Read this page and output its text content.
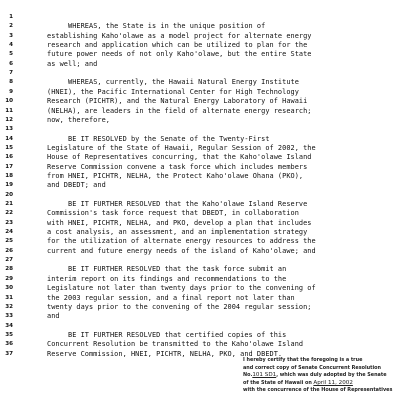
1
2	WHEREAS, the State is in the unique position of
3	establishing Kaho'olawe as a model project for alternate energy
4	research and application which can be utilized to plan for the
5	future power needs of not only Kaho'olawe, but the entire State
6	as well; and
7
8	WHEREAS, currently, the Hawaii Natural Energy Institute
9	(HNEI), the Pacific International Center for High Technology
10	Research (PICHTR), and the Natural Energy Laboratory of Hawaii
11	(NELHA), are leaders in the field of alternate energy research;
12	now, therefore,
13
14	BE IT RESOLVED by the Senate of the Twenty-First
15	Legislature of the State of Hawaii, Regular Session of 2002, the
16	House of Representatives concurring, that the Kaho'olawe Island
17	Reserve Commission convene a task force which includes members
18	from HNEI, PICHTR, NELHA, the Protect Kaho'olawe Ohana (PKO),
19	and DBEDT; and
20
21	BE IT FURTHER RESOLVED that the Kaho'olawe Island Reserve
22	Commission's task force request that DBEDT, in collaboration
23	with HNEI, PICHTR, NELHA, and PKO, develop a plan that includes
24	a cost analysis, an assessment, and an implementation strategy
25	for the utilization of alternate energy resources to address the
26	current and future energy needs of the island of Kaho'olawe; and
27
28	BE IT FURTHER RESOLVED that the task force submit an
29	interim report on its findings and recommendations to the
30	Legislature not later than twenty days prior to the convening of
31	the 2003 regular session, and a final report not later than
32	twenty days prior to the convening of the 2004 regular session;
33	and
34
35	BE IT FURTHER RESOLVED that certified copies of this
36	Concurrent Resolution be transmitted to the Kaho'olawe Island
37	Reserve Commission, HNEI, PICHTR, NELHA, PKO, and DBEDT.
I hereby certify that the foregoing is a true
and correct copy of Senate Concurrent Resolution
No.101 SD1, which was duly adopted by the Senate
of the State of Hawaii on April 11, 2002
with the concurrence of the House of Representatives
